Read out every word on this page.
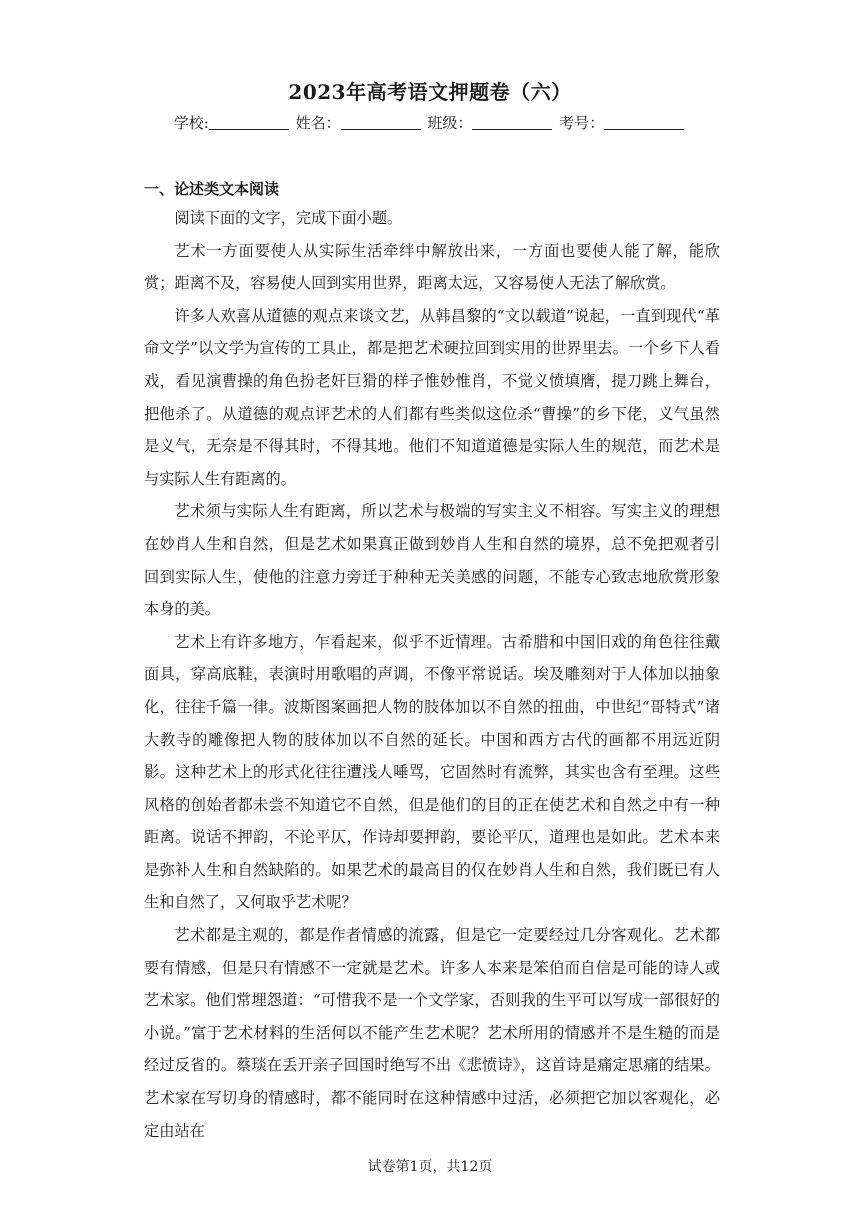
2023年高考语文押题卷（六）
学校:	姓名：	班级：	考号：
一、论述类文本阅读

阅读下面的文字，完成下面小题。

艺术一方面要使人从实际生活牵绊中解放出来，一方面也要使人能了解，能欣赏；距离不及，容易使人回到实用世界，距离太远，又容易使人无法了解欣赏。

许多人欢喜从道德的观点来谈文艺，从韩昌黎的“文以载道”说起，一直到现代“革命文学”以文学为宣传的工具止，都是把艺术硬拉回到实用的世界里去。一个乡下人看戏，看见演曹操的角色扮老奸巨猾的样子惟妙惟肖，不觉义愤填膺，提刀跳上舞台，把他杀了。从道德的观点评艺术的人们都有些类似这位杀“曹操”的乡下佬，义气虽然是义气，无奈是不得其时，不得其地。他们不知道道德是实际人生的规范，而艺术是与实际人生有距离的。

艺术须与实际人生有距离，所以艺术与极端的写实主义不相容。写实主义的理想在妙肖人生和自然，但是艺术如果真正做到妙肖人生和自然的境界，总不免把观者引回到实际人生，使他的注意力旁迁于种种无关美感的问题，不能专心致志地欣赏形象本身的美。

艺术上有许多地方，乍看起来，似乎不近情理。古希腊和中国旧戏的角色往往戴面具，穿高底鞋，表演时用歌唱的声调，不像平常说话。埃及雕刻对于人体加以抽象化，往往千篇一律。波斯图案画把人物的肢体加以不自然的扭曲，中世纪“哥特式”诸大教寺的雕像把人物的肢体加以不自然的延长。中国和西方古代的画都不用远近阴影。这种艺术上的形式化往往遭浅人唾骂，它固然时有流弊，其实也含有至理。这些风格的创始者都未尝不知道它不自然，但是他们的目的正在使艺术和自然之中有一种距离。说话不押韵，不论平仄，作诗却要押韵，要论平仄，道理也是如此。艺术本来是弥补人生和自然缺陷的。如果艺术的最高目的仅在妙肖人生和自然，我们既已有人生和自然了，又何取乎艺术呢？

艺术都是主观的，都是作者情感的流露，但是它一定要经过几分客观化。艺术都要有情感，但是只有情感不一定就是艺术。许多人本来是笨伯而自信是可能的诗人或艺术家。他们常埋怨道：“可惜我不是一个文学家，否则我的生平可以写成一部很好的小说。”富于艺术材料的生活何以不能产生艺术呢？艺术所用的情感并不是生糙的而是经过反省的。蔡琰在丢开亲子回国时绝写不出《悲愤诗》，这首诗是痛定思痛的结果。艺术家在写切身的情感时，都不能同时在这种情感中过活，必须把它加以客观化，必定由站在

试卷第1页，共12页
